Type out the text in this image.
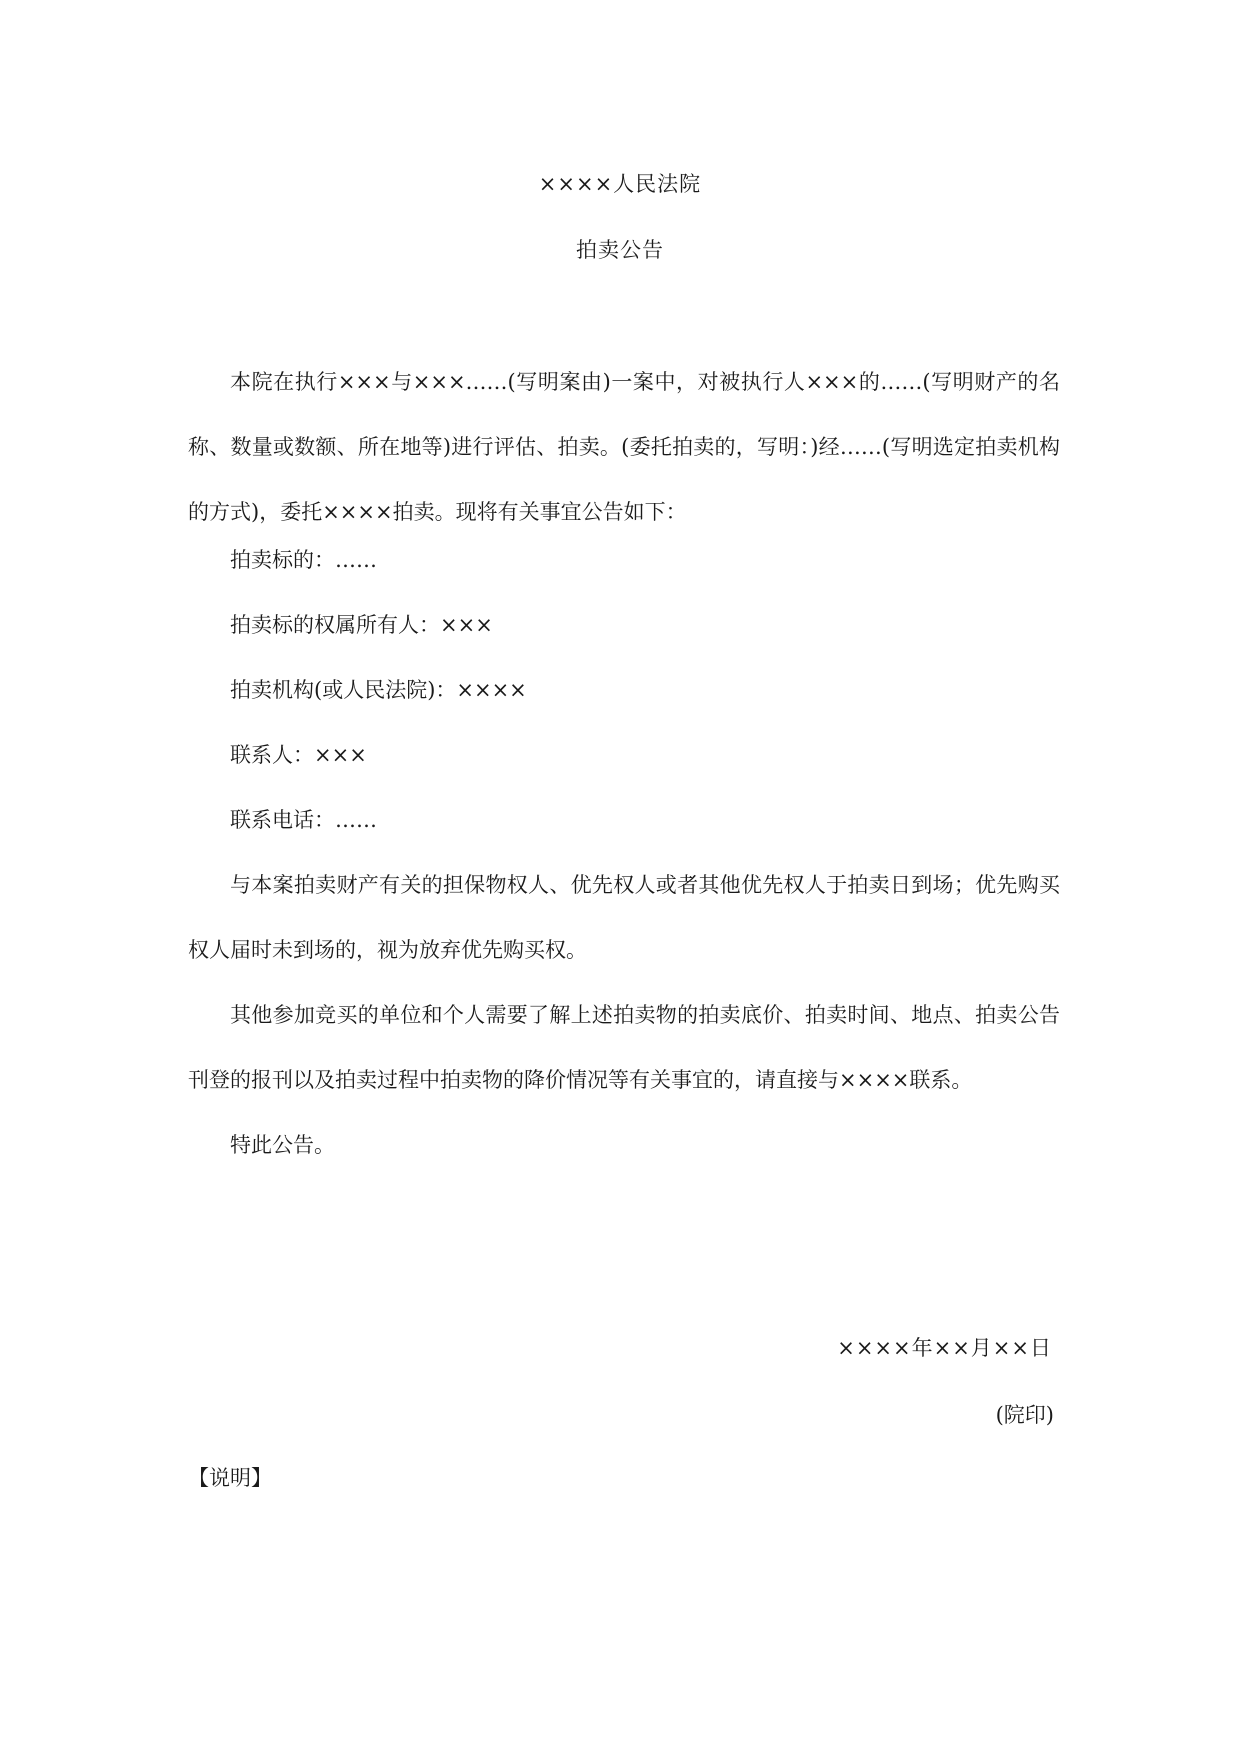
××××人民法院
拍卖公告

本院在执行×××与×××……(写明案由)一案中，对被执行人×××的……(写明财产的名称、数量或数额、所在地等)进行评估、拍卖。(委托拍卖的，写明：)经……(写明选定拍卖机构的方式)，委托××××拍卖。现将有关事宜公告如下：

拍卖标的：……

拍卖标的权属所有人：×××

拍卖机构(或人民法院)：××××

联系人：×××

联系电话：……

与本案拍卖财产有关的担保物权人、优先权人或者其他优先权人于拍卖日到场；优先购买权人届时未到场的，视为放弃优先购买权。

其他参加竞买的单位和个人需要了解上述拍卖物的拍卖底价、拍卖时间、地点、拍卖公告刊登的报刊以及拍卖过程中拍卖物的降价情况等有关事宜的，请直接与××××联系。

特此公告。

××××年××月××日
(院印)
【说明】
